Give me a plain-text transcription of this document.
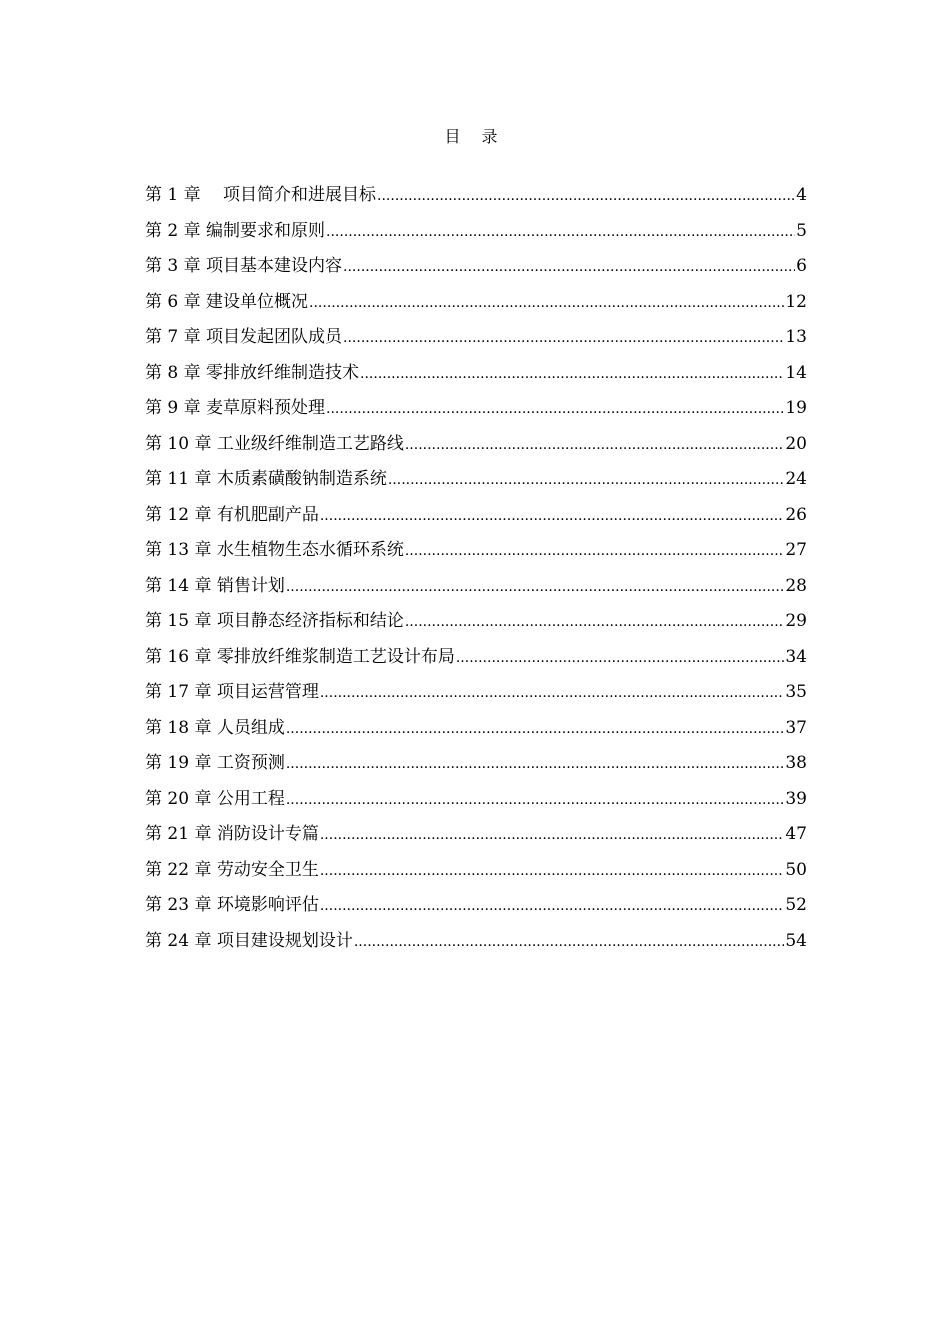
目 录
第 1 章　 项目简介和进展目标 .....	4
第 2 章 编制要求和原则 .....	5
第 3 章 项目基本建设内容 .....	6
第 6 章 建设单位概况 .....	12
第 7 章 项目发起团队成员 .....	13
第 8 章 零排放纤维制造技术 .....	14
第 9 章 麦草原料预处理 .....	19
第 10 章 工业级纤维制造工艺路线 .....	20
第 11 章 木质素磺酸钠制造系统 .....	24
第 12 章 有机肥副产品 .....	26
第 13 章 水生植物生态水循环系统 .....	27
第 14 章 销售计划 .....	28
第 15 章 项目静态经济指标和结论 .....	29
第 16 章 零排放纤维浆制造工艺设计布局 .....	34
第 17 章 项目运营管理 .....	35
第 18 章 人员组成 .....	37
第 19 章 工资预测 .....	38
第 20 章 公用工程 .....	39
第 21 章 消防设计专篇 .....	47
第 22 章 劳动安全卫生 .....	50
第 23 章 环境影响评估 .....	52
第 24 章 项目建设规划设计 .....	54
